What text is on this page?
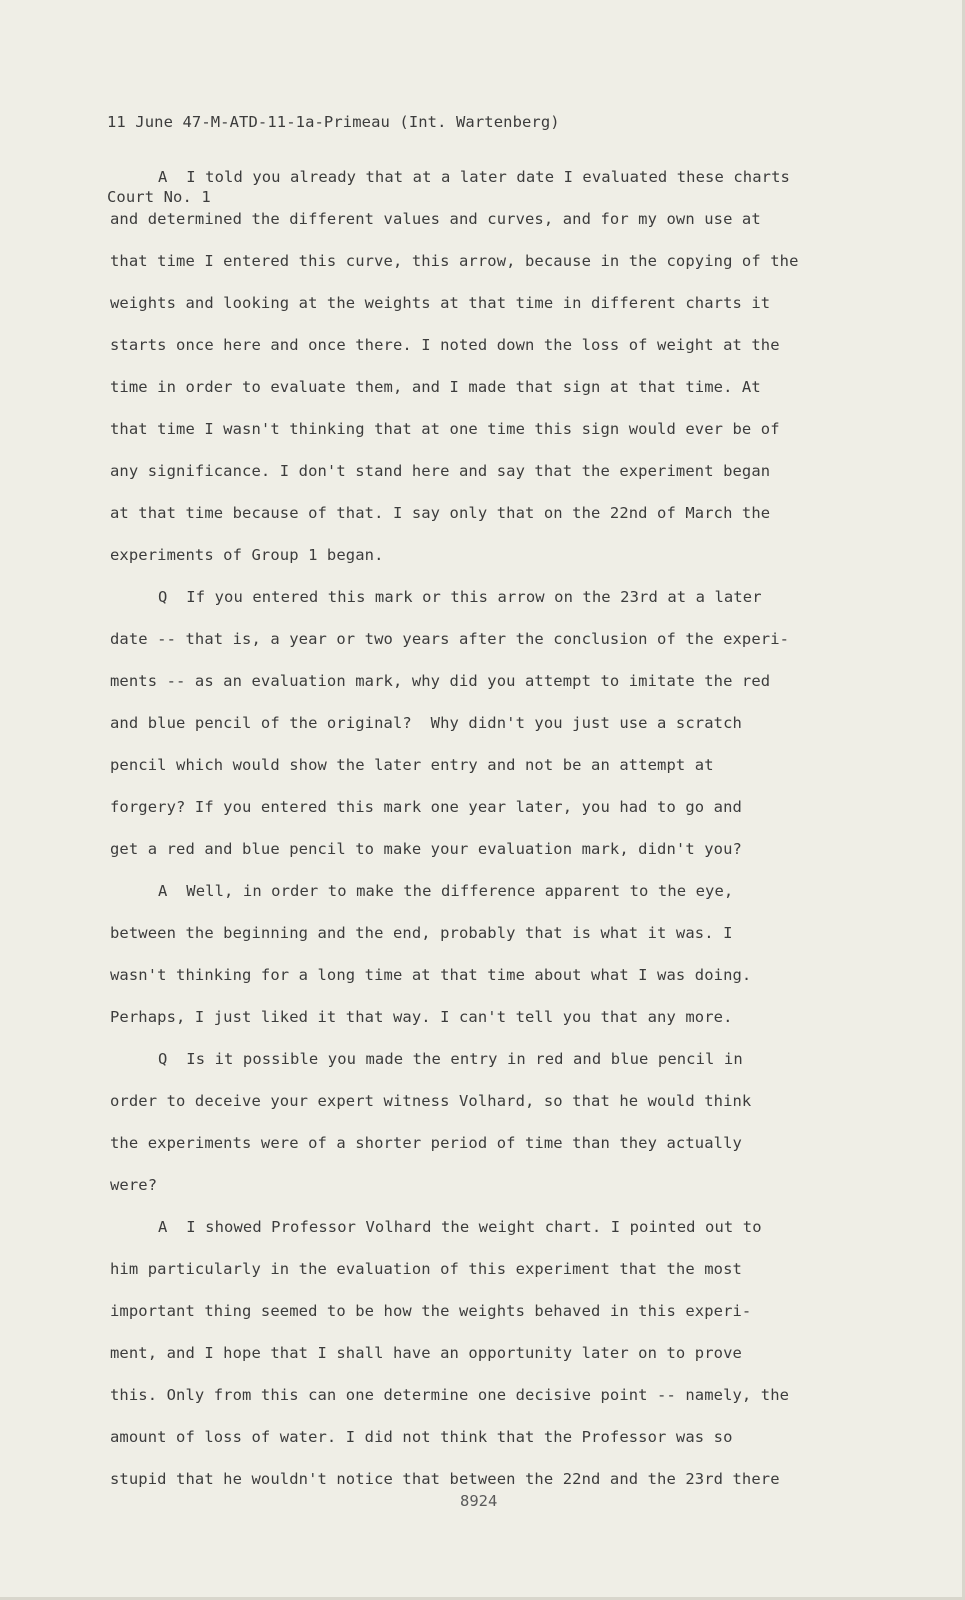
11 June 47-M-ATD-11-1a-Primeau (Int. Wartenberg)

Court No. 1

A  I told you already that at a later date I evaluated these charts
and determined the different values and curves, and for my own use at
that time I entered this curve, this arrow, because in the copying of the
weights and looking at the weights at that time in different charts it
starts once here and once there. I noted down the loss of weight at the
time in order to evaluate them, and I made that sign at that time. At
that time I wasn't thinking that at one time this sign would ever be of
any significance. I don't stand here and say that the experiment began
at that time because of that. I say only that on the 22nd of March the
experiments of Group 1 began.
Q  If you entered this mark or this arrow on the 23rd at a later
date -- that is, a year or two years after the conclusion of the experi-
ments -- as an evaluation mark, why did you attempt to imitate the red
and blue pencil of the original?  Why didn't you just use a scratch
pencil which would show the later entry and not be an attempt at
forgery? If you entered this mark one year later, you had to go and
get a red and blue pencil to make your evaluation mark, didn't you?
A  Well, in order to make the difference apparent to the eye,
between the beginning and the end, probably that is what it was. I
wasn't thinking for a long time at that time about what I was doing.
Perhaps, I just liked it that way. I can't tell you that any more.
Q  Is it possible you made the entry in red and blue pencil in
order to deceive your expert witness Volhard, so that he would think
the experiments were of a shorter period of time than they actually
were?
A  I showed Professor Volhard the weight chart. I pointed out to
him particularly in the evaluation of this experiment that the most
important thing seemed to be how the weights behaved in this experi-
ment, and I hope that I shall have an opportunity later on to prove
this. Only from this can one determine one decisive point -- namely, the
amount of loss of water. I did not think that the Professor was so
stupid that he wouldn't notice that between the 22nd and the 23rd there
8924
